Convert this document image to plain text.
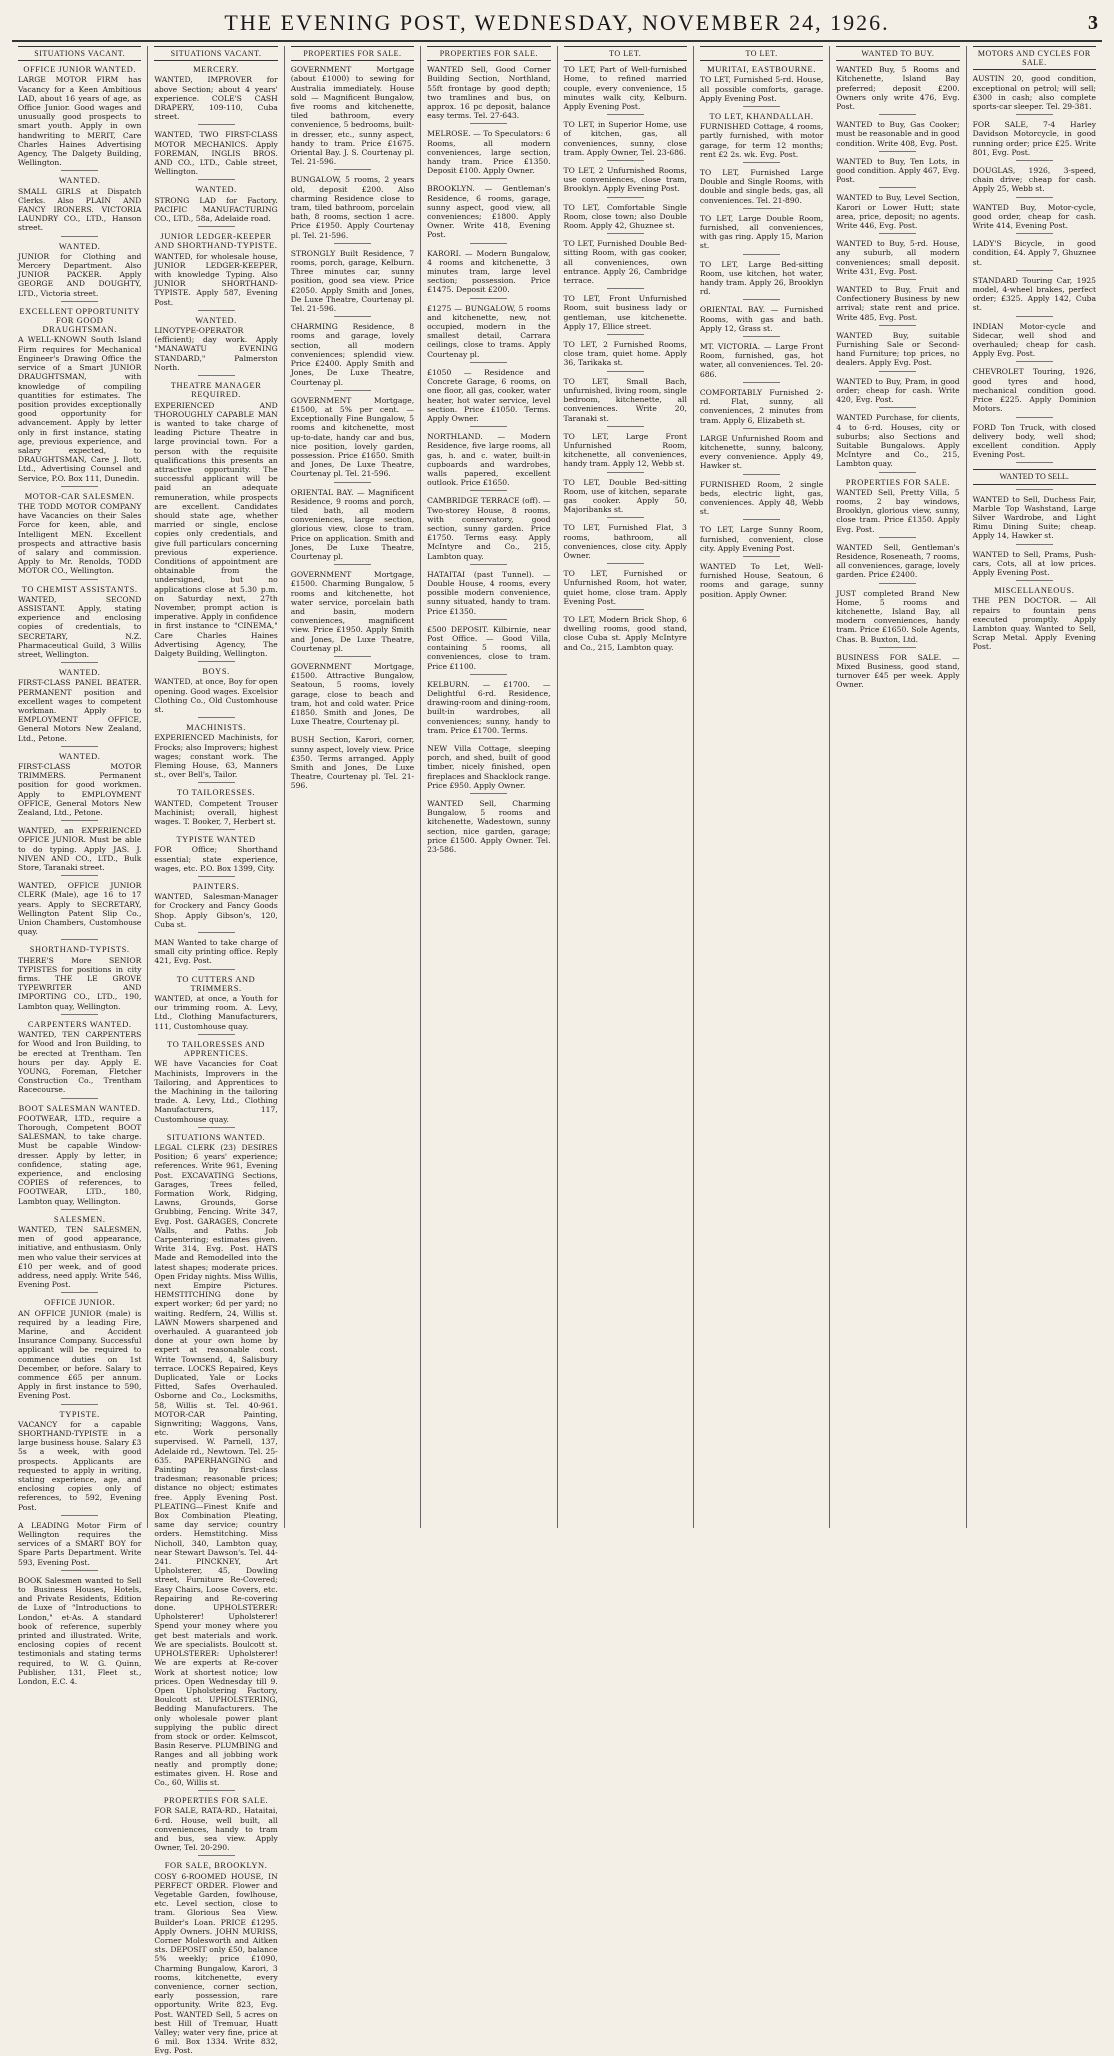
THE EVENING POST, WEDNESDAY, NOVEMBER 24, 1926.	3
SITUATIONS VACANT.
OFFICE JUNIOR WANTED.
LARGE MOTOR FIRM has Vacancy for a Keen Ambitious LAD, about 16 years of age, as Office Junior. Good wages and unusually good prospects to smart youth. Apply in own handwriting to MERIT, Care Charles Haines Advertising Agency, The Dalgety Building, Wellington.
WANTED.
SMALL GIRLS at Dispatch Clerks. Also PLAIN AND FANCY IRONERS. VICTORIA LAUNDRY CO., LTD., Hanson street.
WANTED.
JUNIOR for Clothing and Mercery Department. Also JUNIOR PACKER. Apply GEORGE AND DOUGHTY, LTD., Victoria street.
EXCELLENT OPPORTUNITY FOR GOOD DRAUGHTSMAN.
A WELL-KNOWN South Island Firm requires for Mechanical Engineer's Drawing Office the service of a Smart JUNIOR DRAUGHTSMAN, with knowledge of compiling quantities for estimates. The position provides exceptionally good opportunity for advancement. Apply by letter only in first instance, stating age, previous experience, and salary expected, to DRAUGHTSMAN, Care J. Ilott, Ltd., Advertising Counsel and Service, P.O. Box 111, Dunedin.
MOTOR-CAR SALESMEN.
THE TODD MOTOR COMPANY have Vacancies on their Sales Force for keen, able, and Intelligent MEN. Excellent prospects and attractive basis of salary and commission. Apply to Mr. Renolds, TODD MOTOR CO., Wellington.
TO CHEMIST ASSISTANTS.
WANTED, SECOND ASSISTANT. Apply, stating experience and enclosing copies of credentials, to SECRETARY, N.Z. Pharmaceutical Guild, 3 Willis street, Wellington.
WANTED.
FIRST-CLASS PANEL BEATER. PERMANENT position and excellent wages to competent workman. Apply to EMPLOYMENT OFFICE, General Motors New Zealand, Ltd., Petone.
WANTED.
FIRST-CLASS MOTOR TRIMMERS. Permanent position for good workmen. Apply to EMPLOYMENT OFFICE, General Motors New Zealand, Ltd., Petone.
WANTED, an EXPERIENCED OFFICE JUNIOR. Must be able to do typing. Apply JAS. J. NIVEN AND CO., LTD., Bulk Store, Taranaki street.
WANTED, OFFICE JUNIOR CLERK (Male), age 16 to 17 years. Apply to SECRETARY, Wellington Patent Slip Co., Union Chambers, Customhouse quay.
SHORTHAND-TYPISTS.
THERE'S More SENIOR TYPISTES for positions in city firms. THE LE GROVE TYPEWRITER AND IMPORTING CO., LTD., 190, Lambton quay, Wellington.
CARPENTERS WANTED.
WANTED, TEN CARPENTERS for Wood and Iron Building, to be erected at Trentham. Ten hours per day. Apply E. YOUNG, Foreman, Fletcher Construction Co., Trentham Racecourse.
BOOT SALESMAN WANTED.
FOOTWEAR, LTD., require a Thorough, Competent BOOT SALESMAN, to take charge. Must be capable Window-dresser. Apply by letter, in confidence, stating age, experience, and enclosing COPIES of references, to FOOTWEAR, LTD., 180, Lambton quay, Wellington.
SALESMEN.
WANTED, TEN SALESMEN, men of good appearance, initiative, and enthusiasm. Only men who value their services at £10 per week, and of good address, need apply. Write 546, Evening Post.
OFFICE JUNIOR.
AN OFFICE JUNIOR (male) is required by a leading Fire, Marine, and Accident Insurance Company. Successful applicant will be required to commence duties on 1st December, or before. Salary to commence £65 per annum. Apply in first instance to 590, Evening Post.
TYPISTE.
VACANCY for a capable SHORTHAND-TYPISTE in a large business house. Salary £3 5s a week, with good prospects. Applicants are requested to apply in writing, stating experience, age, and enclosing copies only of references, to 592, Evening Post.
A LEADING Motor Firm of Wellington requires the services of a SMART BOY for Spare Parts Department. Write 593, Evening Post.
BOOK Salesmen wanted to Sell to Business Houses, Hotels, and Private Residents, Edition de Luxe of "Introductions to London," et-As. A standard book of reference, superbly printed and illustrated. Write, enclosing copies of recent testimonials and stating terms required, to W. G. Quinn, Publisher, 131, Fleet st., London, E.C. 4.
SITUATIONS VACANT.
MERCERY.
WANTED, IMPROVER for above Section; about 4 years' experience. COLE'S CASH DRAPERY, 109-110, Cuba street.
WANTED, TWO FIRST-CLASS MOTOR MECHANICS. Apply FOREMAN, INGLIS BROS. AND CO., LTD., Cable street, Wellington.
WANTED.
STRONG LAD for Factory. PACIFIC MANUFACTURING CO., LTD., 58a, Adelaide road.
JUNIOR LEDGER-KEEPER AND SHORTHAND-TYPISTE.
WANTED, for wholesale house, JUNIOR LEDGER-KEEPER, with knowledge Typing. Also JUNIOR SHORTHAND-TYPISTE. Apply 587, Evening Post.
WANTED.
LINOTYPE-OPERATOR (efficient); day work. Apply "MANAWATU EVENING STANDARD," Palmerston North.
THEATRE MANAGER REQUIRED.
EXPERIENCED AND THOROUGHLY CAPABLE MAN is wanted to take charge of leading Picture Theatre in large provincial town. For a person with the requisite qualifications this presents an attractive opportunity. The successful applicant will be paid an adequate remuneration, while prospects are excellent. Candidates should state age, whether married or single, enclose copies only credentials, and give full particulars concerning previous experience. Conditions of appointment are obtainable from the undersigned, but no applications close at 5.30 p.m. on Saturday next, 27th November, prompt action is imperative. Apply in confidence in first instance to "CINEMA," Care Charles Haines Advertising Agency, The Dalgety Building, Wellington.
BOYS.
WANTED, at once, Boy for open opening. Good wages. Excelsior Clothing Co., Old Customhouse st.
MACHINISTS.
EXPERIENCED Machinists, for Frocks; also Improvers; highest wages; constant work. The Fleming House, 63, Manners st., over Bell's, Tailor.
TO TAILORESSES.
WANTED, Competent Trouser Machinist; overall, highest wages. T. Booker, 7, Herbert st.
TYPISTE WANTED
FOR Office; Shorthand essential; state experience, wages, etc. P.O. Box 1399, City.
PAINTERS.
WANTED, Salesman-Manager for Crockery and Fancy Goods Shop. Apply Gibson's, 120, Cuba st.
MAN Wanted to take charge of small city printing office. Reply 421, Evg. Post.
TO CUTTERS AND TRIMMERS.
WANTED, at once, a Youth for our trimming room. A. Levy, Ltd., Clothing Manufacturers, 111, Customhouse quay.
TO TAILORESSES AND APPRENTICES.
WE have Vacancies for Coat Machinists, Improvers in the Tailoring, and Apprentices to the Machining in the tailoring trade. A. Levy, Ltd., Clothing Manufacturers, 117, Customhouse quay.
SITUATIONS WANTED.
LEGAL CLERK (23) DESIRES Position; 6 years' experience; references. Write 961, Evening Post. EXCAVATING Sections, Garages, Trees felled, Formation Work, Ridging, Lawns, Grounds, Gorse Grubbing, Fencing. Write 347, Evg. Post. GARAGES, Concrete Walls, and Paths. Job Carpentering; estimates given. Write 314, Evg. Post. HATS Made and Remodelled into the latest shapes; moderate prices. Open Friday nights. Miss Willis, next Empire Pictures. HEMSTITCHING done by expert worker; 6d per yard; no waiting. Redfern, 24, Willis st. LAWN Mowers sharpened and overhauled. A guaranteed job done at your own home by expert at reasonable cost. Write Townsend, 4, Salisbury terrace. LOCKS Repaired, Keys Duplicated, Yale or Locks Fitted, Safes Overhauled. Osborne and Co., Locksmiths, 58, Willis st. Tel. 40-961. MOTOR-CAR Painting, Signwriting; Waggons, Vans, etc. Work personally supervised. W. Parnell, 137, Adelaide rd., Newtown. Tel. 25-635. PAPERHANGING and Painting by first-class tradesman; reasonable prices; distance no object; estimates free. Apply Evening Post. PLEATING—Finest Knife and Box Combination Pleating, same day service; country orders. Hemstitching. Miss Nicholl, 340, Lambton quay, near Stewart Dawson's. Tel. 44-241. PINCKNEY, Art Upholsterer, 45, Dowling street, Furniture Re-Covered; Easy Chairs, Loose Covers, etc. Repairing and Re-covering done. UPHOLSTERER: Upholsterer! Upholsterer! Spend your money where you get best materials and work. We are specialists. Boulcott st. UPHOLSTERER: Upholsterer! We are experts at Re-cover Work at shortest notice; low prices. Open Wednesday till 9. Open Upholstering Factory, Boulcott st. UPHOLSTERING, Bedding Manufacturers. The only wholesale power plant supplying the public direct from stock or order. Kelmscot, Basin Reserve. PLUMBING and Ranges and all jobbing work neatly and promptly done; estimates given. H. Rose and Co., 60, Willis st.
PROPERTIES FOR SALE.
FOR SALE, RATA-RD., Hataitai, 6-rd. House, well built, all conveniences, handy to tram and bus, sea view. Apply Owner, Tel. 20-290.
FOR SALE, BROOKLYN.
COSY 6-ROOMED HOUSE, IN PERFECT ORDER. Flower and Vegetable Garden, fowlhouse, etc. Level section, close to tram. Glorious Sea View. Builder's Loan. PRICE £1295. Apply Owners. JOHN MURISS, Corner Molesworth and Aitken sts. DEPOSIT only £50, balance 5% weekly; price £1090, Charming Bungalow, Karori, 3 rooms, kitchenette, every convenience, corner section, early possession, rare opportunity. Write 823, Evg. Post. WANTED Sell, 5 acres on best Hill of Tremuar, Huatt Valley; water very fine, price at 6 mil. Box 1334. Write 832, Evg. Post.
PROPERTIES FOR SALE.
GOVERNMENT Mortgage (about £1000) to sewing for Australia immediately. House sold — Magnificent Bungalow, five rooms and kitchenette, tiled bathroom, every convenience, 5 bedrooms, built-in dresser, etc., sunny aspect, handy to tram. Price £1675. Oriental Bay. J. S. Courtenay pl. Tel. 21-596.
BUNGALOW, 5 rooms, 2 years old, deposit £200. Also charming Residence close to tram, tiled bathroom, porcelain bath, 8 rooms, section 1 acre. Price £1950. Apply Courtenay pl. Tel. 21-596.
STRONGLY Built Residence, 7 rooms, porch, garage, Kelburn. Three minutes car, sunny position, good sea view. Price £2050. Apply Smith and Jones, De Luxe Theatre, Courtenay pl. Tel. 21-596.
CHARMING Residence, 8 rooms and garage, lovely section, all modern conveniences; splendid view. Price £2400. Apply Smith and Jones, De Luxe Theatre, Courtenay pl.
GOVERNMENT Mortgage, £1500, at 5% per cent. — Exceptionally Fine Bungalow, 5 rooms and kitchenette, most up-to-date, handy car and bus, nice position, lovely garden, possession. Price £1650. Smith and Jones, De Luxe Theatre, Courtenay pl. Tel. 21-596.
ORIENTAL BAY. — Magnificent Residence, 9 rooms and porch, tiled bath, all modern conveniences, large section, glorious view, close to tram. Price on application. Smith and Jones, De Luxe Theatre, Courtenay pl.
GOVERNMENT Mortgage, £1500. Charming Bungalow, 5 rooms and kitchenette, hot water service, porcelain bath and basin, modern conveniences, magnificent view. Price £1950. Apply Smith and Jones, De Luxe Theatre, Courtenay pl.
GOVERNMENT Mortgage, £1500. Attractive Bungalow, Seatoun, 5 rooms, lovely garage, close to beach and tram, hot and cold water. Price £1850. Smith and Jones, De Luxe Theatre, Courtenay pl.
BUSH Section, Karori, corner, sunny aspect, lovely view. Price £350. Terms arranged. Apply Smith and Jones, De Luxe Theatre, Courtenay pl. Tel. 21-596.
PROPERTIES FOR SALE.
WANTED Sell, Good Corner Building Section, Northland, 55ft frontage by good depth; two tramlines and bus, on approx. 16 pc deposit, balance easy terms. Tel. 27-643.
MELROSE. — To Speculators: 6 Rooms, all modern conveniences, large section, handy tram. Price £1350. Deposit £100. Apply Owner.
BROOKLYN. — Gentleman's Residence, 6 rooms, garage, sunny aspect, good view, all conveniences; £1800. Apply Owner. Write 418, Evening Post.
KARORI. — Modern Bungalow, 4 rooms and kitchenette, 3 minutes tram, large level section; possession. Price £1475. Deposit £200.
£1275 — BUNGALOW, 5 rooms and kitchenette, new, not occupied, modern in the smallest detail, Carrara ceilings, close to trams. Apply Courtenay pl.
£1050 — Residence and Concrete Garage, 6 rooms, on one floor, all gas, cooker, water heater, hot water service, level section. Price £1050. Terms. Apply Owner.
NORTHLAND. — Modern Residence, five large rooms, all gas, h. and c. water, built-in cupboards and wardrobes, walls papered, excellent outlook. Price £1650.
CAMBRIDGE TERRACE (off). — Two-storey House, 8 rooms, with conservatory, good section, sunny garden. Price £1750. Terms easy. Apply McIntyre and Co., 215, Lambton quay.
HATAITAI (past Tunnel). — Double House, 4 rooms, every possible modern convenience, sunny situated, handy to tram. Price £1350.
£500 DEPOSIT. Kilbirnie, near Post Office. — Good Villa, containing 5 rooms, all conveniences, close to tram. Price £1100.
KELBURN. — £1700. — Delightful 6-rd. Residence, drawing-room and dining-room, built-in wardrobes, all conveniences; sunny, handy to tram. Price £1700. Terms.
NEW Villa Cottage, sleeping porch, and shed, built of good timber, nicely finished, open fireplaces and Shacklock range. Price £950. Apply Owner.
WANTED Sell, Charming Bungalow, 5 rooms and kitchenette, Wadestown, sunny section, nice garden, garage; price £1500. Apply Owner. Tel. 23-586.
TO LET.
TO LET, Part of Well-furnished Home, to refined married couple, every convenience, 15 minutes walk city, Kelburn. Apply Evening Post.
TO LET, in Superior Home, use of kitchen, gas, all conveniences, sunny, close tram. Apply Owner, Tel. 23-686.
TO LET, 2 Unfurnished Rooms, use conveniences, close tram, Brooklyn. Apply Evening Post.
TO LET, Comfortable Single Room, close town; also Double Room. Apply 42, Ghuznee st.
TO LET, Furnished Double Bed-sitting Room, with gas cooker, all conveniences, own entrance. Apply 26, Cambridge terrace.
TO LET, Front Unfurnished Room, suit business lady or gentleman, use kitchenette. Apply 17, Ellice street.
TO LET, 2 Furnished Rooms, close tram, quiet home. Apply 36, Tarikaka st.
TO LET, Small Bach, unfurnished, living room, single bedroom, kitchenette, all conveniences. Write 20, Taranaki st.
TO LET, Large Front Unfurnished Room, kitchenette, all conveniences, handy tram. Apply 12, Webb st.
TO LET, Double Bed-sitting Room, use of kitchen, separate gas cooker. Apply 50, Majoribanks st.
TO LET, Furnished Flat, 3 rooms, bathroom, all conveniences, close city. Apply Owner.
TO LET, Furnished or Unfurnished Room, hot water, quiet home, close tram. Apply Evening Post.
TO LET, Modern Brick Shop, 6 dwelling rooms, good stand, close Cuba st. Apply McIntyre and Co., 215, Lambton quay.
TO LET.
MURITAI, EASTBOURNE.
TO LET, Furnished 5-rd. House, all possible comforts, garage. Apply Evening Post.
TO LET, KHANDALLAH.
FURNISHED Cottage, 4 rooms, partly furnished, with motor garage, for term 12 months; rent £2 2s. wk. Evg. Post.
TO LET, Furnished Large Double and Single Rooms, with double and single beds, gas, all conveniences. Tel. 21-890.
TO LET, Large Double Room, furnished, all conveniences, with gas ring. Apply 15, Marion st.
TO LET, Large Bed-sitting Room, use kitchen, hot water, handy tram. Apply 26, Brooklyn rd.
ORIENTAL BAY. — Furnished Rooms, with gas and bath. Apply 12, Grass st.
MT. VICTORIA. — Large Front Room, furnished, gas, hot water, all conveniences. Tel. 20-686.
COMFORTABLY Furnished 2-rd. Flat, sunny, all conveniences, 2 minutes from tram. Apply 6, Elizabeth st.
LARGE Unfurnished Room and kitchenette, sunny, balcony, every convenience. Apply 49, Hawker st.
FURNISHED Room, 2 single beds, electric light, gas, conveniences. Apply 48, Webb st.
TO LET, Large Sunny Room, furnished, convenient, close city. Apply Evening Post.
WANTED To Let, Well-furnished House, Seatoun, 6 rooms and garage, sunny position. Apply Owner.
WANTED TO BUY.
WANTED Buy, 5 Rooms and Kitchenette, Island Bay preferred; deposit £200. Owners only write 476, Evg. Post.
WANTED to Buy, Gas Cooker; must be reasonable and in good condition. Write 408, Evg. Post.
WANTED to Buy, Ten Lots, in good condition. Apply 467, Evg. Post.
WANTED to Buy, Level Section, Karori or Lower Hutt; state area, price, deposit; no agents. Write 446, Evg. Post.
WANTED to Buy, 5-rd. House, any suburb, all modern conveniences; small deposit. Write 431, Evg. Post.
WANTED to Buy, Fruit and Confectionery Business by new arrival; state rent and price. Write 485, Evg. Post.
WANTED Buy, suitable Furnishing Sale or Second-hand Furniture; top prices, no dealers. Apply Evg. Post.
WANTED to Buy, Pram, in good order; cheap for cash. Write 420, Evg. Post.
WANTED Purchase, for clients, 4 to 6-rd. Houses, city or suburbs; also Sections and Suitable Bungalows. Apply McIntyre and Co., 215, Lambton quay.
PROPERTIES FOR SALE.
WANTED Sell, Pretty Villa, 5 rooms, 2 bay windows, Brooklyn, glorious view, sunny, close tram. Price £1350. Apply Evg. Post.
WANTED Sell, Gentleman's Residence, Roseneath, 7 rooms, all conveniences, garage, lovely garden. Price £2400.
JUST completed Brand New Home, 5 rooms and kitchenette, Island Bay, all modern conveniences, handy tram. Price £1650. Sole Agents, Chas. B. Buxton, Ltd.
BUSINESS FOR SALE. — Mixed Business, good stand, turnover £45 per week. Apply Owner.
MOTORS AND CYCLES FOR SALE.
AUSTIN 20, good condition, exceptional on petrol; will sell; £300 in cash; also complete sports-car sleeper. Tel. 29-381.
FOR SALE, 7-4 Harley Davidson Motorcycle, in good running order; price £25. Write 801, Evg. Post.
DOUGLAS, 1926, 3-speed, chain drive; cheap for cash. Apply 25, Webb st.
WANTED Buy, Motor-cycle, good order, cheap for cash. Write 414, Evening Post.
LADY'S Bicycle, in good condition, £4. Apply 7, Ghuznee st.
STANDARD Touring Car, 1925 model, 4-wheel brakes, perfect order; £325. Apply 142, Cuba st.
INDIAN Motor-cycle and Sidecar, well shod and overhauled; cheap for cash. Apply Evg. Post.
CHEVROLET Touring, 1926, good tyres and hood, mechanical condition good. Price £225. Apply Dominion Motors.
FORD Ton Truck, with closed delivery body, well shod; excellent condition. Apply Evening Post.
WANTED TO SELL.
WANTED to Sell, Duchess Fair, Marble Top Washstand, Large Silver Wardrobe, and Light Rimu Dining Suite; cheap. Apply 14, Hawker st.
WANTED to Sell, Prams, Push-cars, Cots, all at low prices. Apply Evening Post.
MISCELLANEOUS.
THE PEN DOCTOR. — All repairs to fountain pens executed promptly. Apply Lambton quay. Wanted to Sell, Scrap Metal. Apply Evening Post.
